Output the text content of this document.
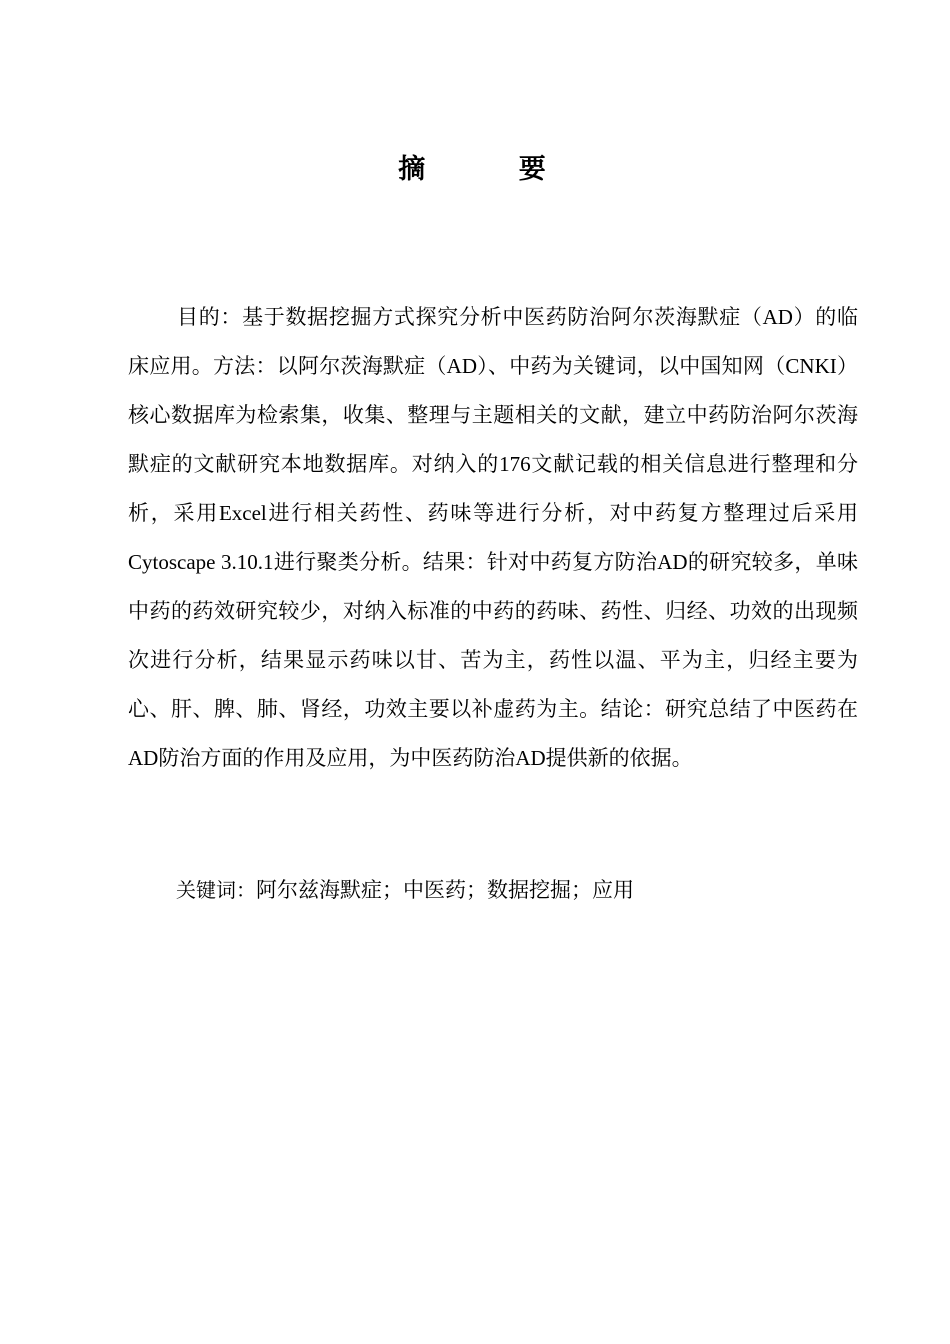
摘 要

目的：基于数据挖掘方式探究分析中医药防治阿尔茨海默症（AD）的临床应用。方法：以阿尔茨海默症（AD）、中药为关键词，以中国知网（CNKI）核心数据库为检索集，收集、整理与主题相关的文献，建立中药防治阿尔茨海默症的文献研究本地数据库。对纳入的176文献记载的相关信息进行整理和分析，采用Excel进行相关药性、药味等进行分析，对中药复方整理过后采用Cytoscape 3.10.1进行聚类分析。结果：针对中药复方防治AD的研究较多，单味中药的药效研究较少，对纳入标准的中药的药味、药性、归经、功效的出现频次进行分析，结果显示药味以甘、苦为主，药性以温、平为主，归经主要为心、肝、脾、肺、肾经，功效主要以补虚药为主。结论：研究总结了中医药在AD防治方面的作用及应用，为中医药防治AD提供新的依据。

关键词：阿尔兹海默症；中医药；数据挖掘；应用
